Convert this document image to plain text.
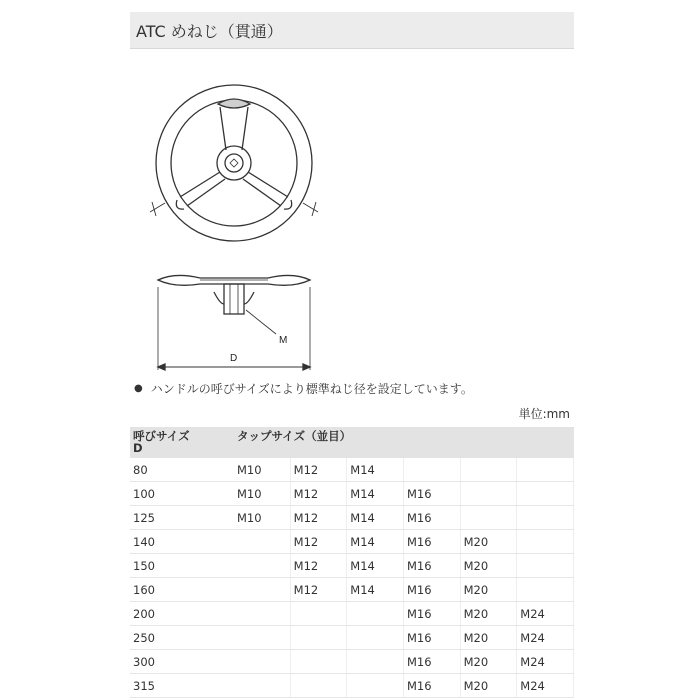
ATC めねじ（貫通）
M
D
● ハンドルの呼びサイズにより標準ねじ径を設定しています。
単位:mm
呼びサイズ
D	タップサイズ（並目）					
80	M10	M12	M14			
100	M10	M12	M14	M16		
125	M10	M12	M14	M16		
140		M12	M14	M16	M20	
150		M12	M14	M16	M20	
160		M12	M14	M16	M20	
200				M16	M20	M24
250				M16	M20	M24
300				M16	M20	M24
315				M16	M20	M24
